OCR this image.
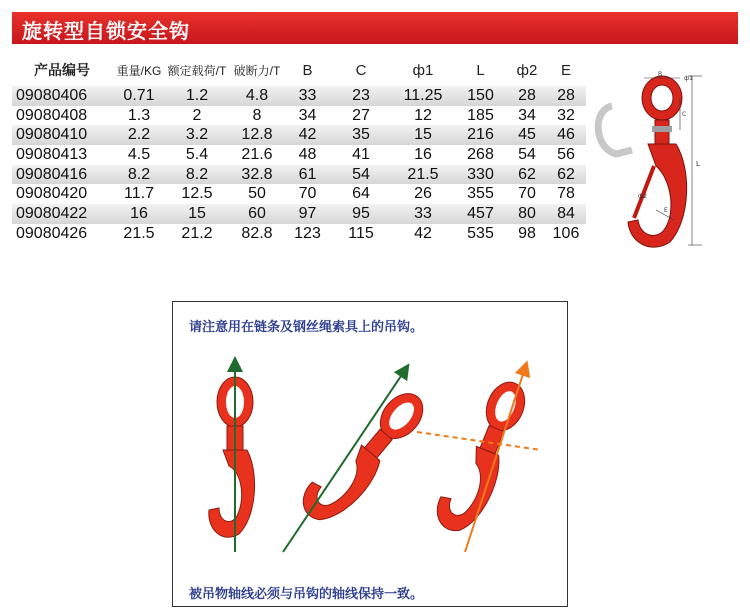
旋转型自锁安全钩
产品编号	重量/KG	额定载荷/T	破断力/T	B	C	ф1	L	ф2	E
09080406	0.71	1.2	4.8	33	23	11.25	150	28	28
09080408	1.3	2	8	34	27	12	185	34	32
09080410	2.2	3.2	12.8	42	35	15	216	45	46
09080413	4.5	5.4	21.6	48	41	16	268	54	56
09080416	8.2	8.2	32.8	61	54	21.5	330	62	62
09080420	11.7	12.5	50	70	64	26	355	70	78
09080422	16	15	60	97	95	33	457	80	84
09080426	21.5	21.2	82.8	123	115	42	535	98	106
B
ф1
C
L
ф2
E
请注意用在链条及钢丝绳索具上的吊钩。
被吊物轴线必须与吊钩的轴线保持一致。
